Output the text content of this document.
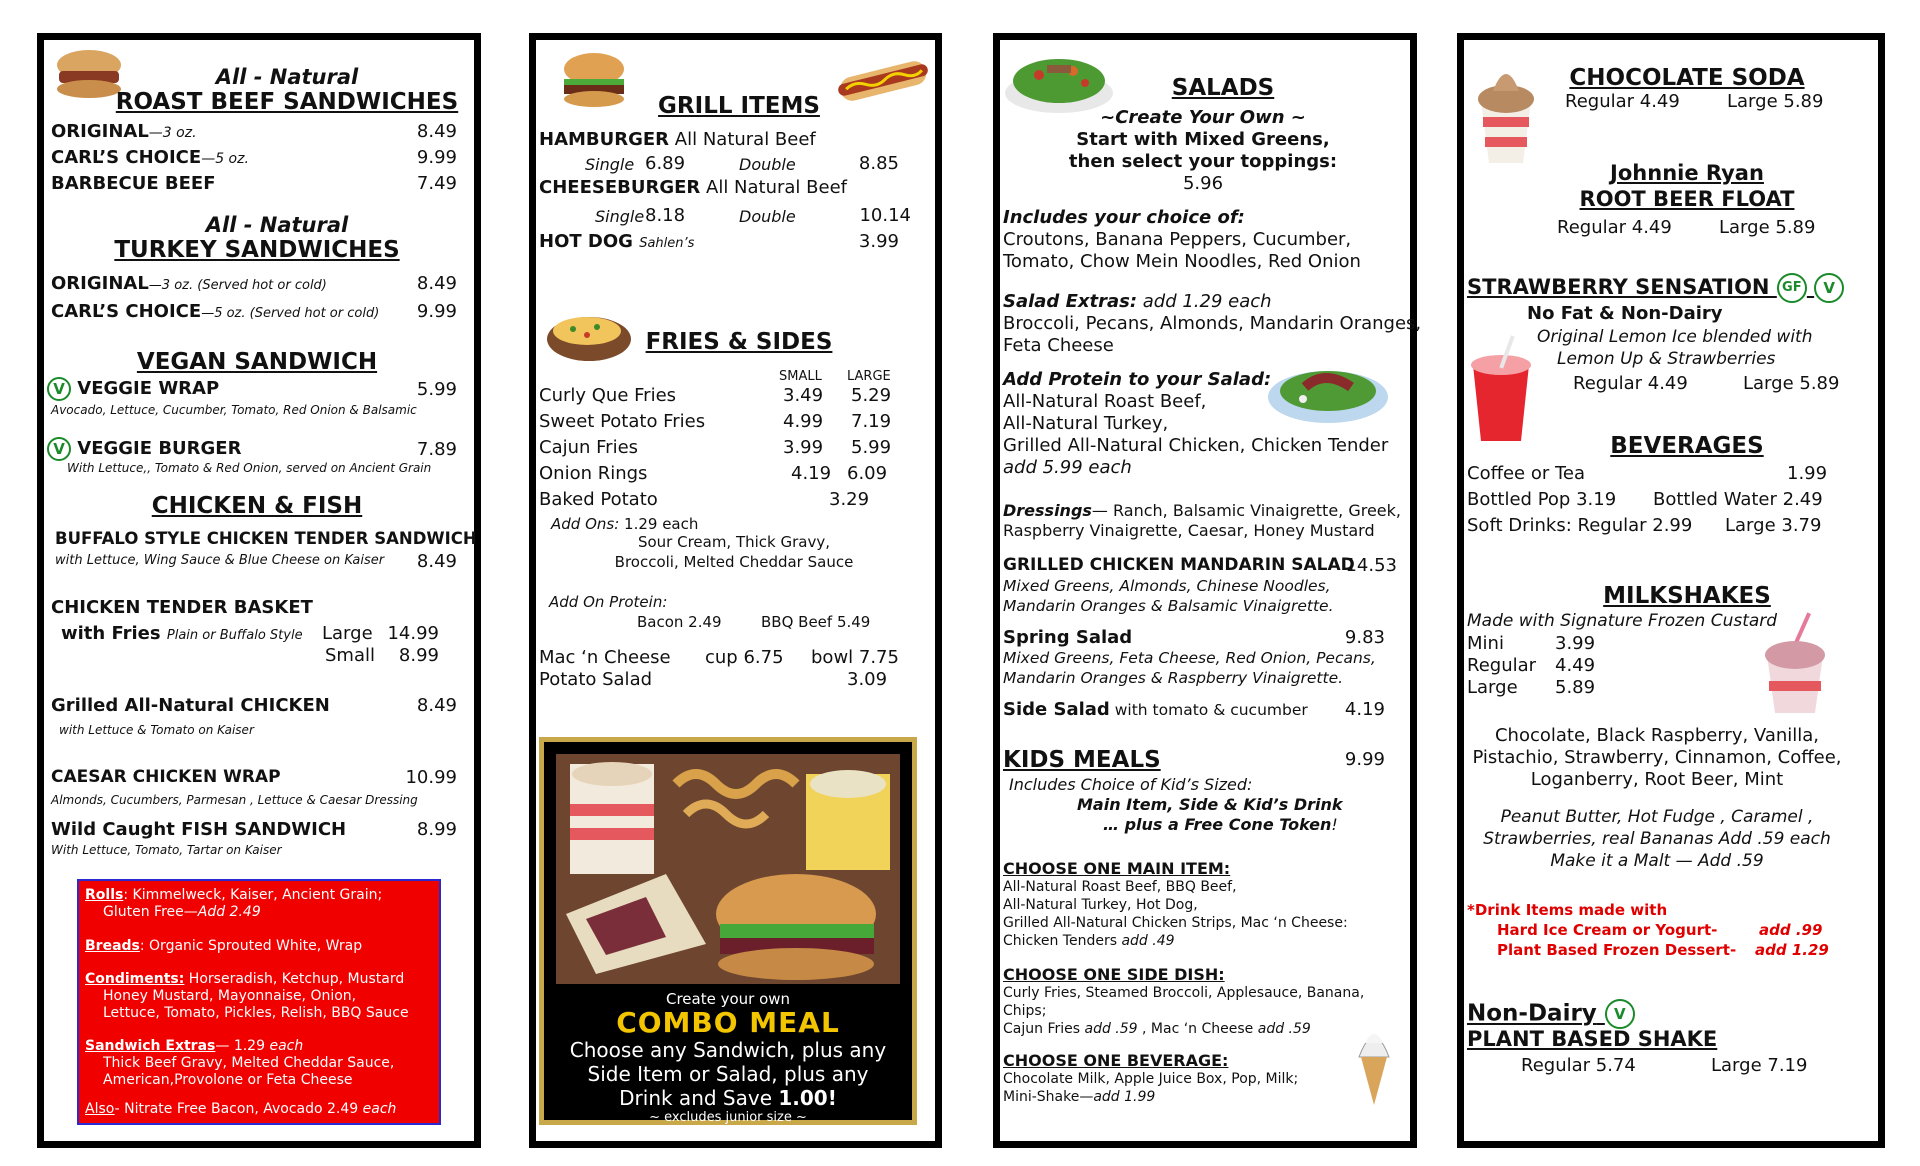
All - Natural
ROAST BEEF SANDWICHES
ORIGINAL—3 oz.	8.49
CARL’S CHOICE—5 oz.	9.99
BARBECUE BEEF	7.49
All - Natural
TURKEY SANDWICHES
ORIGINAL—3 oz. (Served hot or cold)	8.49
CARL’S CHOICE—5 oz. (Served hot or cold)	9.99
VEGAN SANDWICH
V VEGGIE WRAP	5.99
Avocado, Lettuce, Cucumber, Tomato, Red Onion & Balsamic
V VEGGIE BURGER	7.89
With Lettuce,, Tomato & Red Onion, served on Ancient Grain
CHICKEN & FISH
BUFFALO STYLE CHICKEN TENDER SANDWICH
with Lettuce, Wing Sauce & Blue Cheese on Kaiser	8.49
CHICKEN TENDER BASKET
with Fries Plain or Buffalo Style Large 14.99
Small	8.99
Grilled All-Natural CHICKEN	8.49
with Lettuce & Tomato on Kaiser
CAESAR CHICKEN WRAP	10.99
Almonds, Cucumbers, Parmesan , Lettuce & Caesar Dressing
Wild Caught FISH SANDWICH	8.99
With Lettuce, Tomato, Tartar on Kaiser
Rolls: Kimmelweck, Kaiser, Ancient Grain;
Gluten Free—Add 2.49
Breads: Organic Sprouted White, Wrap
Condiments: Horseradish, Ketchup, Mustard
Honey Mustard, Mayonnaise, Onion,
Lettuce, Tomato, Pickles, Relish, BBQ Sauce
Sandwich Extras— 1.29 each
Thick Beef Gravy, Melted Cheddar Sauce,
American,Provolone or Feta Cheese
Also- Nitrate Free Bacon, Avocado 2.49 each
GRILL ITEMS
HAMBURGER All Natural Beef
Single 6.89	Double	8.85
CHEESEBURGER All Natural Beef
Single 8.18	Double	10.14
HOT DOG Sahlen’s	3.99
FRIES & SIDES
SMALL LARGE
Curly Que Fries	3.49 5.29
Sweet Potato Fries	4.99 7.19
Cajun Fries	3.99 5.99
Onion Rings	4.19 6.09
Baked Potato	3.29
Add Ons: 1.29 each
Sour Cream, Thick Gravy,
Broccoli, Melted Cheddar Sauce
Add On Protein:
Bacon 2.49	BBQ Beef 5.49
Mac ‘n Cheese cup 6.75 bowl 7.75
Potato Salad	3.09
Create your own
COMBO MEAL
Choose any Sandwich, plus any
Side Item or Salad, plus any
Drink and Save 1.00!
~ excludes junior size ~
SALADS
~Create Your Own ~
Start with Mixed Greens,
then select your toppings:
5.96
Includes your choice of:
Croutons, Banana Peppers, Cucumber,
Tomato, Chow Mein Noodles, Red Onion
Salad Extras: add 1.29 each
Broccoli, Pecans, Almonds, Mandarin Oranges,
Feta Cheese
Add Protein to your Salad:
All-Natural Roast Beef,
All-Natural Turkey,
Grilled All-Natural Chicken, Chicken Tender
add 5.99 each
Dressings— Ranch, Balsamic Vinaigrette, Greek,
Raspberry Vinaigrette, Caesar, Honey Mustard
GRILLED CHICKEN MANDARIN SALAD
14.53
Mixed Greens, Almonds, Chinese Noodles,
Mandarin Oranges & Balsamic Vinaigrette.
Spring Salad	9.83
Mixed Greens, Feta Cheese, Red Onion, Pecans,
Mandarin Oranges & Raspberry Vinaigrette.
Side Salad with tomato & cucumber	4.19
KIDS MEALS	9.99
Includes Choice of Kid’s Sized:
Main Item, Side & Kid’s Drink
… plus a Free Cone Token!
CHOOSE ONE MAIN ITEM:
All-Natural Roast Beef, BBQ Beef,
All-Natural Turkey, Hot Dog,
Grilled All-Natural Chicken Strips, Mac ‘n Cheese:
Chicken Tenders add .49
CHOOSE ONE SIDE DISH:
Curly Fries, Steamed Broccoli, Applesauce, Banana,
Chips;
Cajun Fries add .59 , Mac ‘n Cheese add .59
CHOOSE ONE BEVERAGE:
Chocolate Milk, Apple Juice Box, Pop, Milk;
Mini-Shake—add 1.99
CHOCOLATE SODA
Regular 4.49	Large 5.89
Johnnie Ryan
ROOT BEER FLOAT
Regular 4.49	Large 5.89
STRAWBERRY SENSATION GF V
No Fat & Non-Dairy
Original Lemon Ice blended with
Lemon Up & Strawberries
Regular 4.49	Large 5.89
BEVERAGES
Coffee or Tea	1.99
Bottled Pop 3.19 Bottled Water 2.49
Soft Drinks: Regular 2.99 Large 3.79
MILKSHAKES
Made with Signature Frozen Custard
Mini	3.99
Regular 4.49
Large 5.89
Chocolate, Black Raspberry, Vanilla,
Pistachio, Strawberry, Cinnamon, Coffee,
Loganberry, Root Beer, Mint
Peanut Butter, Hot Fudge , Caramel ,
Strawberries, real Bananas Add .59 each
Make it a Malt — Add .59
*Drink Items made with
Hard Ice Cream or Yogurt-	add .99
Plant Based Frozen Dessert- add 1.29
Non-Dairy V
PLANT BASED SHAKE
Regular 5.74	Large 7.19
